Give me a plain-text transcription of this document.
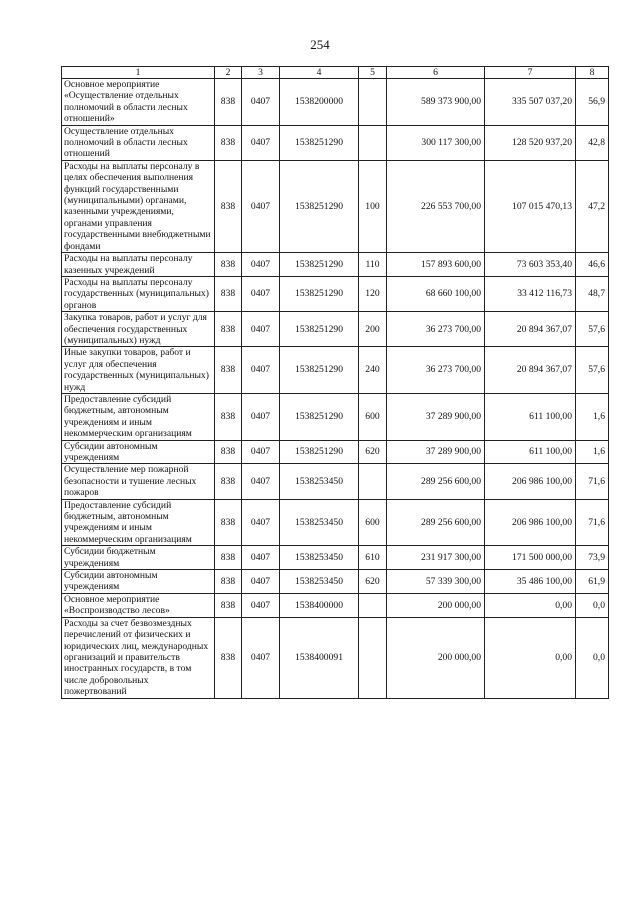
254
1	2	3	4	5	6	7	8
Основное мероприятие «Осуществление отдельных полномочий в области лесных отношений»	838	0407	1538200000		589 373 900,00	335 507 037,20	56,9
Осуществление отдельных полномочий в области лесных отношений	838	0407	1538251290		300 117 300,00	128 520 937,20	42,8
Расходы на выплаты персоналу в целях обеспечения выполнения функций государственными (муниципальными) органами, казенными учреждениями, органами управления государственными внебюджетными фондами	838	0407	1538251290	100	226 553 700,00	107 015 470,13	47,2
Расходы на выплаты персоналу казенных учреждений	838	0407	1538251290	110	157 893 600,00	73 603 353,40	46,6
Расходы на выплаты персоналу государственных (муниципальных) органов	838	0407	1538251290	120	68 660 100,00	33 412 116,73	48,7
Закупка товаров, работ и услуг для обеспечения государственных (муниципальных) нужд	838	0407	1538251290	200	36 273 700,00	20 894 367,07	57,6
Иные закупки товаров, работ и услуг для обеспечения государственных (муниципальных) нужд	838	0407	1538251290	240	36 273 700,00	20 894 367,07	57,6
Предоставление субсидий бюджетным, автономным учреждениям и иным некоммерческим организациям	838	0407	1538251290	600	37 289 900,00	611 100,00	1,6
Субсидии автономным учреждениям	838	0407	1538251290	620	37 289 900,00	611 100,00	1,6
Осуществление мер пожарной безопасности и тушение лесных пожаров	838	0407	1538253450		289 256 600,00	206 986 100,00	71,6
Предоставление субсидий бюджетным, автономным учреждениям и иным некоммерческим организациям	838	0407	1538253450	600	289 256 600,00	206 986 100,00	71,6
Субсидии бюджетным учреждениям	838	0407	1538253450	610	231 917 300,00	171 500 000,00	73,9
Субсидии автономным учреждениям	838	0407	1538253450	620	57 339 300,00	35 486 100,00	61,9
Основное мероприятие «Воспроизводство лесов»	838	0407	1538400000		200 000,00	0,00	0,0
Расходы за счет безвозмездных перечислений от физических и юридических лиц, международных организаций и правительств иностранных государств, в том числе добровольных пожертвований	838	0407	1538400091		200 000,00	0,00	0,0
